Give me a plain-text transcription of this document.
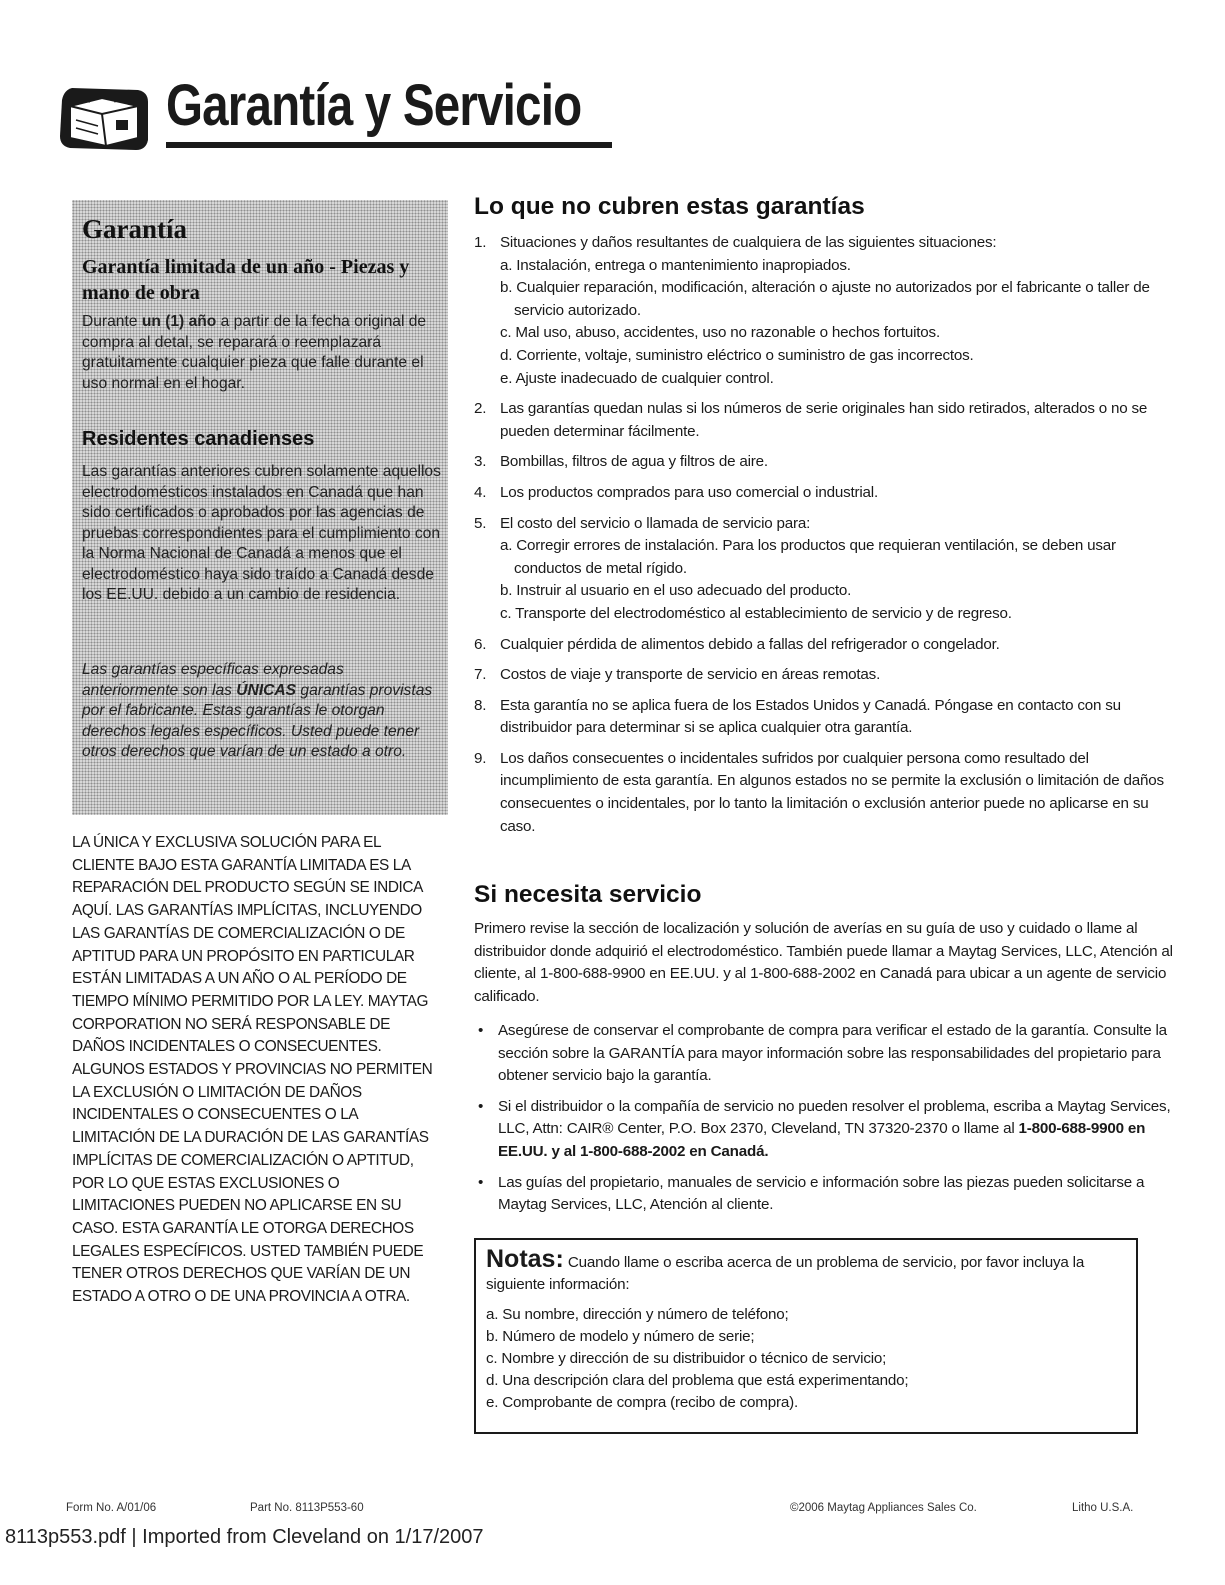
Garantía y Servicio
Garantía
Garantía limitada de un año - Piezas y mano de obra
Durante un (1) año a partir de la fecha original de compra al detal, se reparará o reemplazará gratuitamente cualquier pieza que falle durante el uso normal en el hogar.
Residentes canadienses
Las garantías anteriores cubren solamente aquellos electrodomésticos instalados en Canadá que han sido certificados o aprobados por las agencias de pruebas correspondientes para el cumplimiento con la Norma Nacional de Canadá a menos que el electrodoméstico haya sido traído a Canadá desde los EE.UU. debido a un cambio de residencia.
Las garantías específicas expresadas anteriormente son las ÚNICAS garantías provistas por el fabricante. Estas garantías le otorgan derechos legales específicos. Usted puede tener otros derechos que varían de un estado a otro.
LA ÚNICA Y EXCLUSIVA SOLUCIÓN PARA EL CLIENTE BAJO ESTA GARANTÍA LIMITADA ES LA REPARACIÓN DEL PRODUCTO SEGÚN SE INDICA AQUÍ. LAS GARANTÍAS IMPLÍCITAS, INCLUYENDO LAS GARANTÍAS DE COMERCIALIZACIÓN O DE APTITUD PARA UN PROPÓSITO EN PARTICULAR ESTÁN LIMITADAS A UN AÑO O AL PERÍODO DE TIEMPO MÍNIMO PERMITIDO POR LA LEY. MAYTAG CORPORATION NO SERÁ RESPONSABLE DE DAÑOS INCIDENTALES O CONSECUENTES. ALGUNOS ESTADOS Y PROVINCIAS NO PERMITEN LA EXCLUSIÓN O LIMITACIÓN DE DAÑOS INCIDENTALES O CONSECUENTES O LA LIMITACIÓN DE LA DURACIÓN DE LAS GARANTÍAS IMPLÍCITAS DE COMERCIALIZACIÓN O APTITUD, POR LO QUE ESTAS EXCLUSIONES O LIMITACIONES PUEDEN NO APLICARSE EN SU CASO. ESTA GARANTÍA LE OTORGA DERECHOS LEGALES ESPECÍFICOS. USTED TAMBIÉN PUEDE TENER OTROS DERECHOS QUE VARÍAN DE UN ESTADO A OTRO O DE UNA PROVINCIA A OTRA.
Lo que no cubren estas garantías
1. Situaciones y daños resultantes de cualquiera de las siguientes situaciones:
a. Instalación, entrega o mantenimiento inapropiados.
b. Cualquier reparación, modificación, alteración o ajuste no autorizados por el fabricante o taller de servicio autorizado.
c. Mal uso, abuso, accidentes, uso no razonable o hechos fortuitos.
d. Corriente, voltaje, suministro eléctrico o suministro de gas incorrectos.
e. Ajuste inadecuado de cualquier control.
2. Las garantías quedan nulas si los números de serie originales han sido retirados, alterados o no se pueden determinar fácilmente.
3. Bombillas, filtros de agua y filtros de aire.
4. Los productos comprados para uso comercial o industrial.
5. El costo del servicio o llamada de servicio para:
a. Corregir errores de instalación. Para los productos que requieran ventilación, se deben usar conductos de metal rígido.
b. Instruir al usuario en el uso adecuado del producto.
c. Transporte del electrodoméstico al establecimiento de servicio y de regreso.
6. Cualquier pérdida de alimentos debido a fallas del refrigerador o congelador.
7. Costos de viaje y transporte de servicio en áreas remotas.
8. Esta garantía no se aplica fuera de los Estados Unidos y Canadá. Póngase en contacto con su distribuidor para determinar si se aplica cualquier otra garantía.
9. Los daños consecuentes o incidentales sufridos por cualquier persona como resultado del incumplimiento de esta garantía. En algunos estados no se permite la exclusión o limitación de daños consecuentes o incidentales, por lo tanto la limitación o exclusión anterior puede no aplicarse en su caso.
Si necesita servicio
Primero revise la sección de localización y solución de averías en su guía de uso y cuidado o llame al distribuidor donde adquirió el electrodoméstico. También puede llamar a Maytag Services, LLC, Atención al cliente, al 1-800-688-9900 en EE.UU. y al 1-800-688-2002 en Canadá para ubicar a un agente de servicio calificado.
• Asegúrese de conservar el comprobante de compra para verificar el estado de la garantía. Consulte la sección sobre la GARANTÍA para mayor información sobre las responsabilidades del propietario para obtener servicio bajo la garantía.
• Si el distribuidor o la compañía de servicio no pueden resolver el problema, escriba a Maytag Services, LLC, Attn: CAIR® Center, P.O. Box 2370, Cleveland, TN 37320-2370 o llame al 1-800-688-9900 en EE.UU. y al 1-800-688-2002 en Canadá.
• Las guías del propietario, manuales de servicio e información sobre las piezas pueden solicitarse a Maytag Services, LLC, Atención al cliente.
Notas: Cuando llame o escriba acerca de un problema de servicio, por favor incluya la siguiente información:
a. Su nombre, dirección y número de teléfono;
b. Número de modelo y número de serie;
c. Nombre y dirección de su distribuidor o técnico de servicio;
d. Una descripción clara del problema que está experimentando;
e. Comprobante de compra (recibo de compra).
Form No. A/01/06	Part No. 8113P553-60	©2006 Maytag Appliances Sales Co.	Litho U.S.A.
8113p553.pdf | Imported from Cleveland on 1/17/2007
